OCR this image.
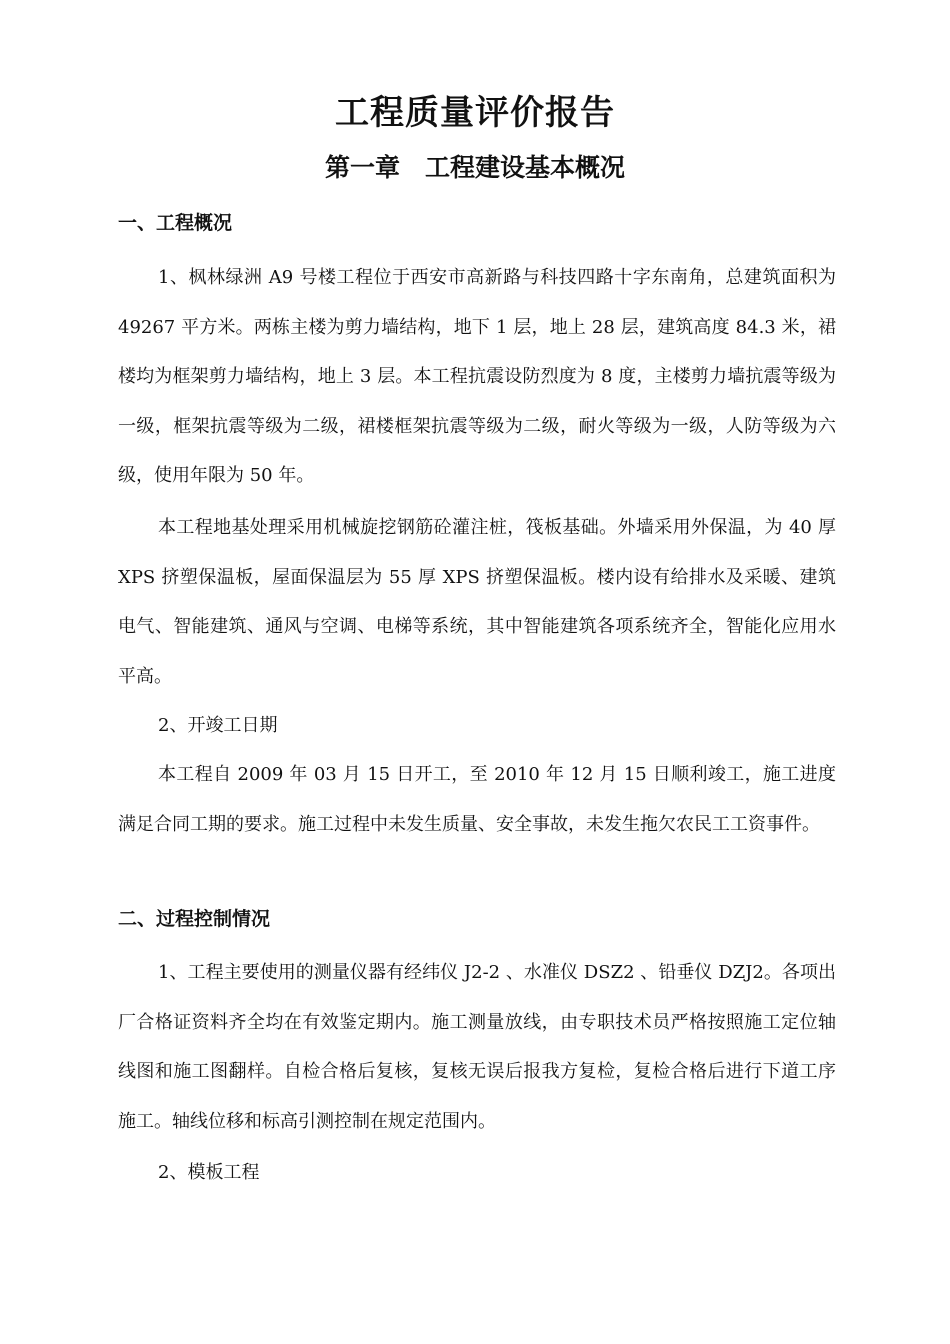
工程质量评价报告
第一章　工程建设基本概况
一、工程概况

1、枫林绿洲 A9 号楼工程位于西安市高新路与科技四路十字东南角，总建筑面积为 49267 平方米。两栋主楼为剪力墙结构，地下 1 层，地上 28 层，建筑高度 84.3 米，裙楼均为框架剪力墙结构，地上 3 层。本工程抗震设防烈度为 8 度，主楼剪力墙抗震等级为一级，框架抗震等级为二级，裙楼框架抗震等级为二级，耐火等级为一级，人防等级为六级，使用年限为 50 年。

本工程地基处理采用机械旋挖钢筋砼灌注桩，筏板基础。外墙采用外保温，为 40 厚 XPS 挤塑保温板，屋面保温层为 55 厚 XPS 挤塑保温板。楼内设有给排水及采暖、建筑电气、智能建筑、通风与空调、电梯等系统，其中智能建筑各项系统齐全，智能化应用水平高。

2、开竣工日期

本工程自 2009 年 03 月 15 日开工，至 2010 年 12 月 15 日顺利竣工，施工进度满足合同工期的要求。施工过程中未发生质量、安全事故，未发生拖欠农民工工资事件。

二、过程控制情况

1、工程主要使用的测量仪器有经纬仪 J2-2 、水准仪 DSZ2 、铅垂仪 DZJ2。各项出厂合格证资料齐全均在有效鉴定期内。施工测量放线，由专职技术员严格按照施工定位轴线图和施工图翻样。自检合格后复核，复核无误后报我方复检，复检合格后进行下道工序施工。轴线位移和标高引测控制在规定范围内。

2、模板工程
